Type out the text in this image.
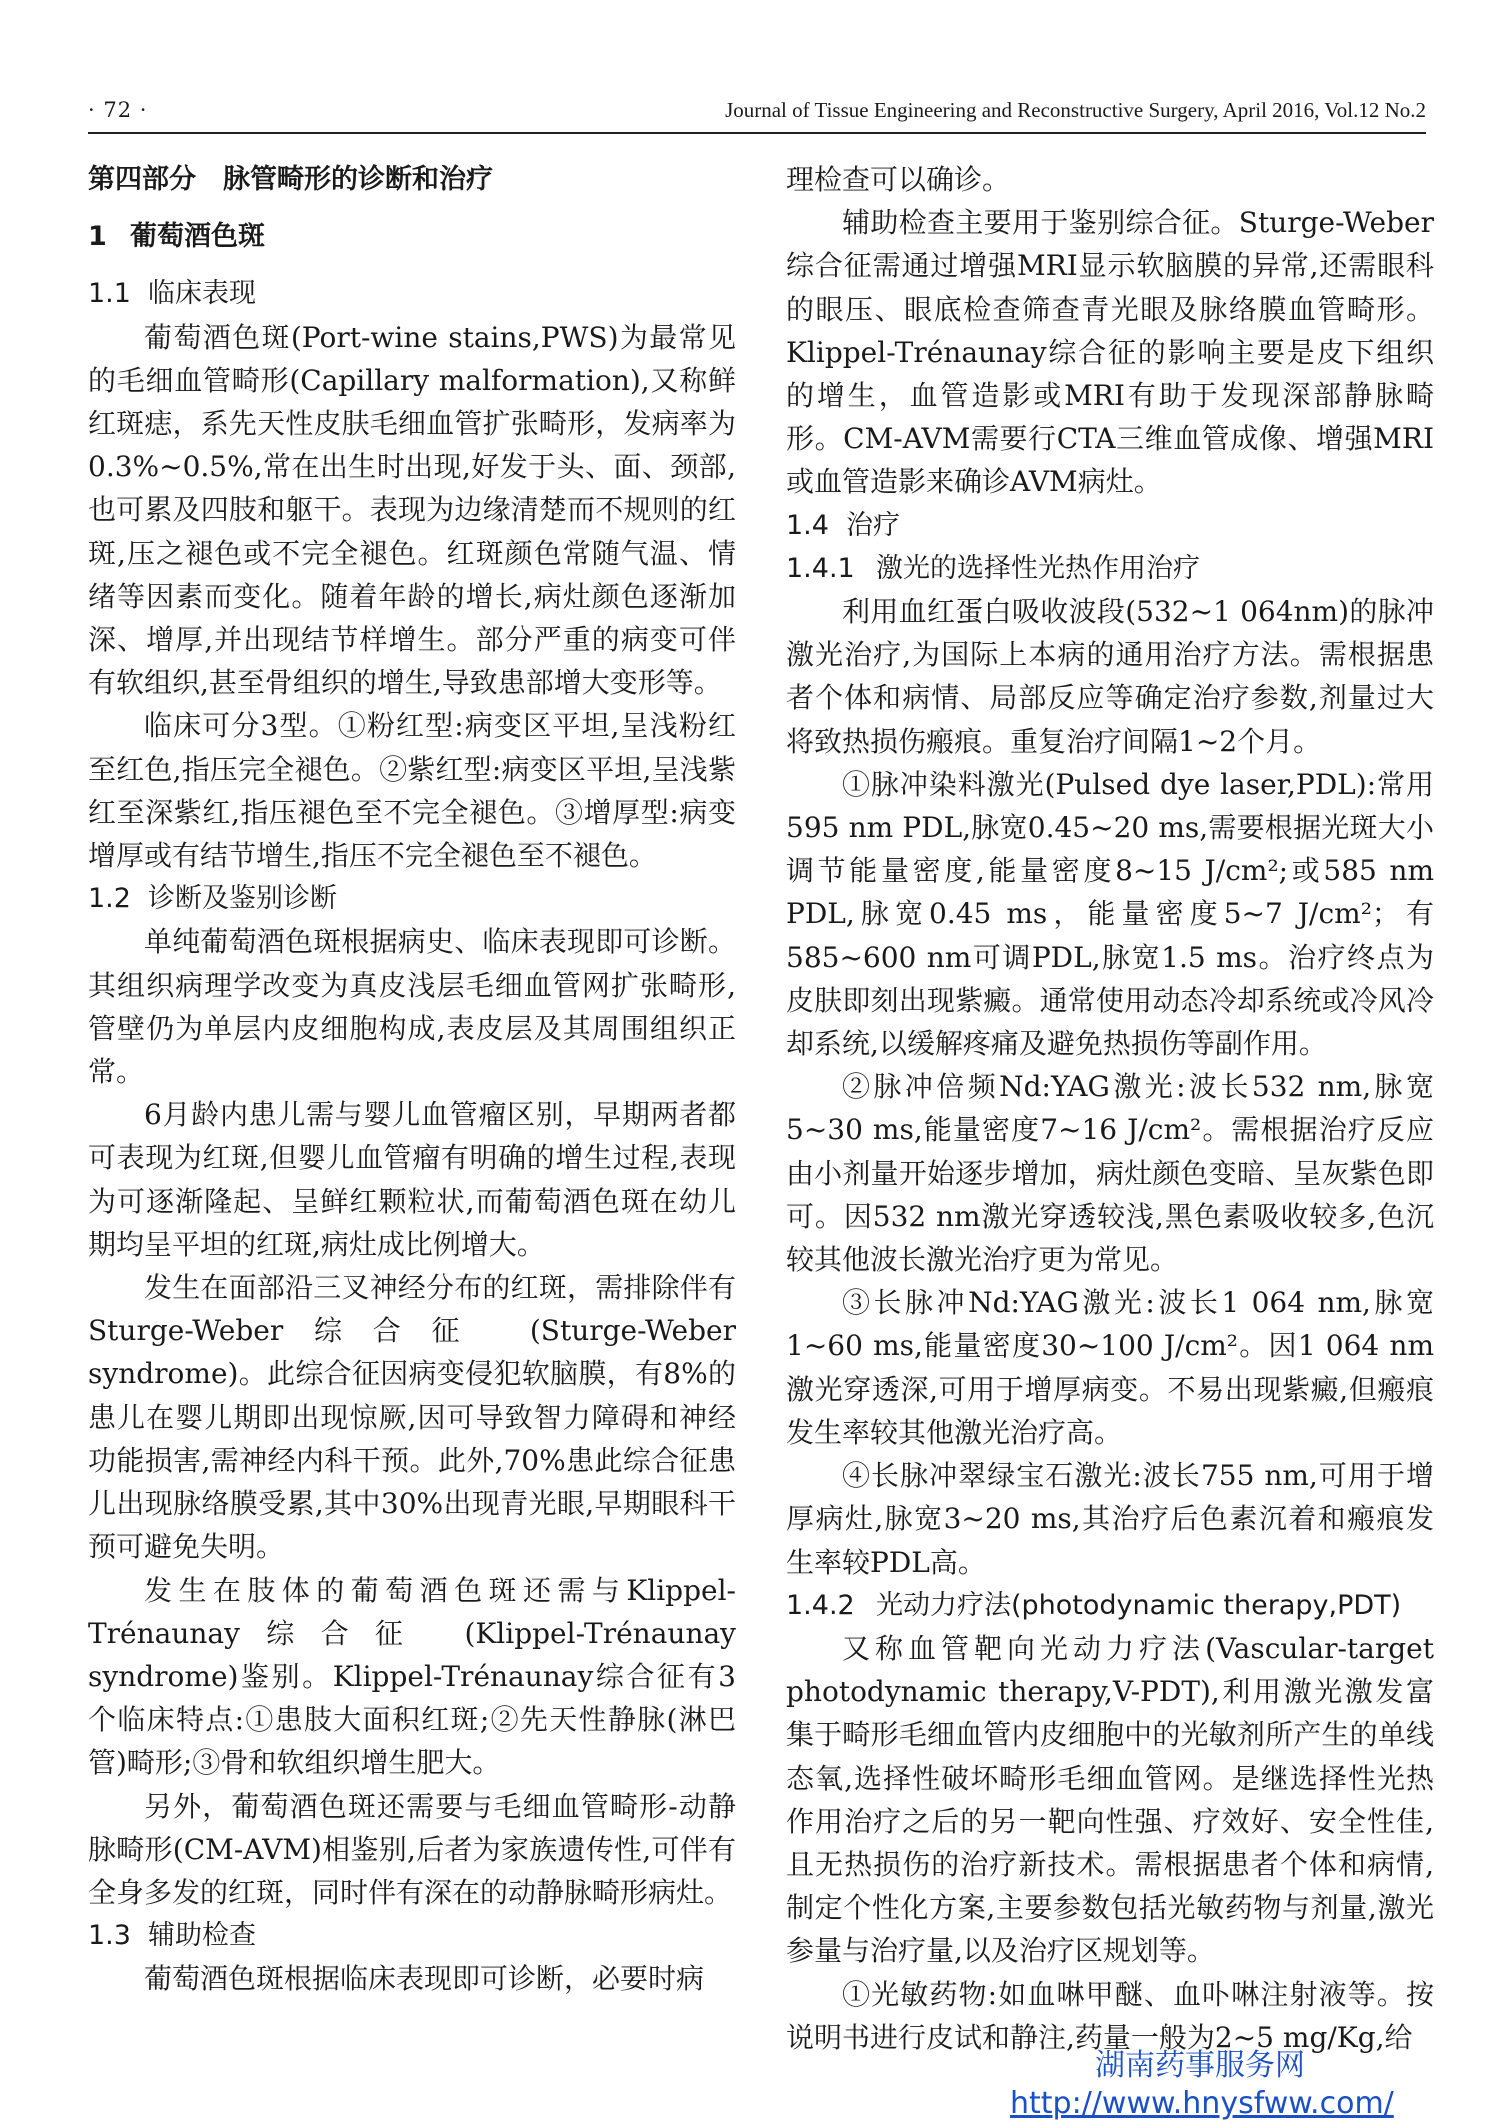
· 72 ·	Journal of Tissue Engineering and Reconstructive Surgery, April 2016, Vol.12 No.2
第四部分　脉管畸形的诊断和治疗
1 葡萄酒色斑
1.1 临床表现

葡萄酒色斑(Port-wine stains,PWS)为最常见的毛细血管畸形(Capillary malformation),又称鲜红斑痣，系先天性皮肤毛细血管扩张畸形，发病率为0.3%~0.5%,常在出生时出现,好发于头、面、颈部,也可累及四肢和躯干。表现为边缘清楚而不规则的红斑,压之褪色或不完全褪色。红斑颜色常随气温、情绪等因素而变化。随着年龄的增长,病灶颜色逐渐加深、增厚,并出现结节样增生。部分严重的病变可伴有软组织,甚至骨组织的增生,导致患部增大变形等。

临床可分3型。①粉红型:病变区平坦,呈浅粉红至红色,指压完全褪色。②紫红型:病变区平坦,呈浅紫红至深紫红,指压褪色至不完全褪色。③增厚型:病变增厚或有结节增生,指压不完全褪色至不褪色。

1.2 诊断及鉴别诊断

单纯葡萄酒色斑根据病史、临床表现即可诊断。其组织病理学改变为真皮浅层毛细血管网扩张畸形,管壁仍为单层内皮细胞构成,表皮层及其周围组织正常。

6月龄内患儿需与婴儿血管瘤区别，早期两者都可表现为红斑,但婴儿血管瘤有明确的增生过程,表现为可逐渐隆起、呈鲜红颗粒状,而葡萄酒色斑在幼儿期均呈平坦的红斑,病灶成比例增大。

发生在面部沿三叉神经分布的红斑，需排除伴有Sturge-Weber综合征 (Sturge-Weber syndrome)。此综合征因病变侵犯软脑膜，有8%的患儿在婴儿期即出现惊厥,因可导致智力障碍和神经功能损害,需神经内科干预。此外,70%患此综合征患儿出现脉络膜受累,其中30%出现青光眼,早期眼科干预可避免失明。

发生在肢体的葡萄酒色斑还需与Klippel-Trénaunay综合征 (Klippel-Trénaunay syndrome)鉴别。Klippel-Trénaunay综合征有3个临床特点:①患肢大面积红斑;②先天性静脉(淋巴管)畸形;③骨和软组织增生肥大。

另外，葡萄酒色斑还需要与毛细血管畸形-动静脉畸形(CM-AVM)相鉴别,后者为家族遗传性,可伴有全身多发的红斑，同时伴有深在的动静脉畸形病灶。

1.3 辅助检查

葡萄酒色斑根据临床表现即可诊断，必要时病

理检查可以确诊。

辅助检查主要用于鉴别综合征。Sturge-Weber综合征需通过增强MRI显示软脑膜的异常,还需眼科的眼压、眼底检查筛查青光眼及脉络膜血管畸形。Klippel-Trénaunay综合征的影响主要是皮下组织的增生，血管造影或MRI有助于发现深部静脉畸形。CM-AVM需要行CTA三维血管成像、增强MRI或血管造影来确诊AVM病灶。

1.4 治疗
1.4.1 激光的选择性光热作用治疗

利用血红蛋白吸收波段(532~1 064nm)的脉冲激光治疗,为国际上本病的通用治疗方法。需根据患者个体和病情、局部反应等确定治疗参数,剂量过大将致热损伤瘢痕。重复治疗间隔1~2个月。

①脉冲染料激光(Pulsed dye laser,PDL):常用595 nm PDL,脉宽0.45~20 ms,需要根据光斑大小调节能量密度,能量密度8~15 J/cm²;或585 nm PDL,脉宽0.45 ms，能量密度5~7 J/cm²；有585~600 nm可调PDL,脉宽1.5 ms。治疗终点为皮肤即刻出现紫癜。通常使用动态冷却系统或冷风冷却系统,以缓解疼痛及避免热损伤等副作用。

②脉冲倍频Nd:YAG激光:波长532 nm,脉宽5~30 ms,能量密度7~16 J/cm²。需根据治疗反应由小剂量开始逐步增加，病灶颜色变暗、呈灰紫色即可。因532 nm激光穿透较浅,黑色素吸收较多,色沉较其他波长激光治疗更为常见。

③长脉冲Nd:YAG激光:波长1 064 nm,脉宽1~60 ms,能量密度30~100 J/cm²。因1 064 nm激光穿透深,可用于增厚病变。不易出现紫癜,但瘢痕发生率较其他激光治疗高。

④长脉冲翠绿宝石激光:波长755 nm,可用于增厚病灶,脉宽3~20 ms,其治疗后色素沉着和瘢痕发生率较PDL高。

1.4.2 光动力疗法(photodynamic therapy,PDT)

又称血管靶向光动力疗法(Vascular-target photodynamic therapy,V-PDT),利用激光激发富集于畸形毛细血管内皮细胞中的光敏剂所产生的单线态氧,选择性破坏畸形毛细血管网。是继选择性光热作用治疗之后的另一靶向性强、疗效好、安全性佳,且无热损伤的治疗新技术。需根据患者个体和病情,制定个性化方案,主要参数包括光敏药物与剂量,激光参量与治疗量,以及治疗区规划等。

①光敏药物:如血啉甲醚、血卟啉注射液等。按说明书进行皮试和静注,药量一般为2~5 mg/Kg,给

湖南药事服务网
http://www.hnysfww.com/
